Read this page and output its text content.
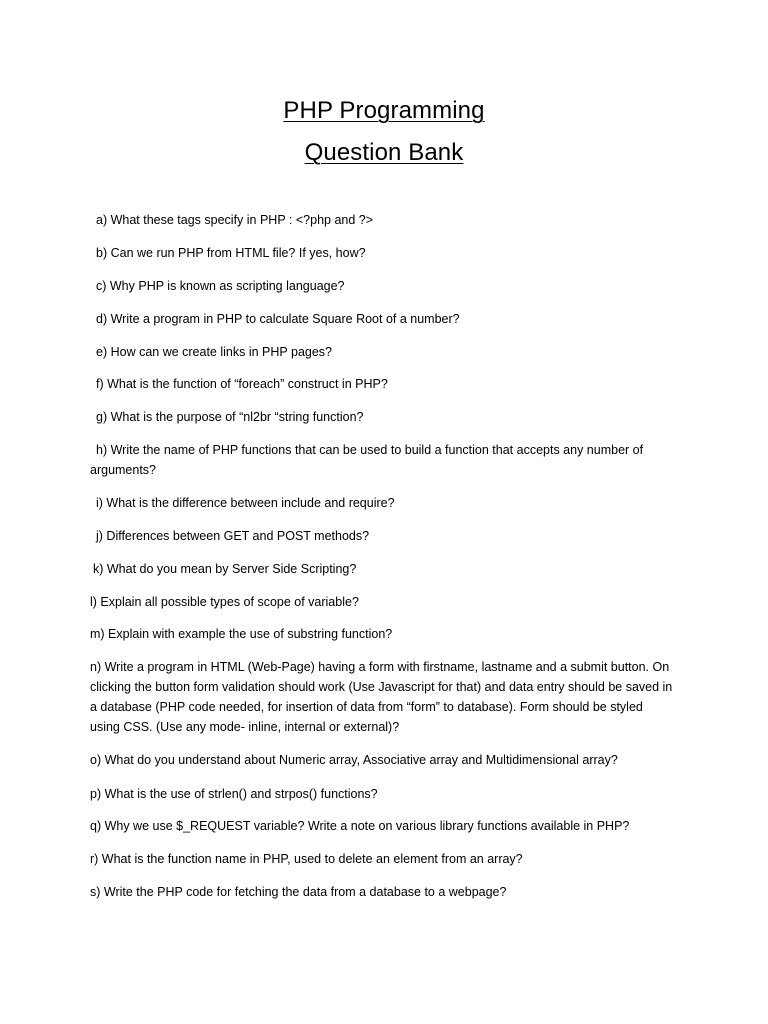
PHP Programming
Question Bank

a) What these tags specify in PHP : <?php and ?>

b) Can we run PHP from HTML file? If yes, how?

c) Why PHP is known as scripting language?

d) Write a program in PHP to calculate Square Root of a number?

e) How can we create links in PHP pages?

f) What is the function of “foreach” construct in PHP?

g) What is the purpose of “nl2br “string function?

h) Write the name of PHP functions that can be used to build a function that accepts any number of arguments?

i) What is the difference between include and require?

j) Differences between GET and POST methods?

k) What do you mean by Server Side Scripting?

l) Explain all possible types of scope of variable?

m) Explain with example the use of substring function?

n) Write a program in HTML (Web-Page) having a form with firstname, lastname and a submit button. On clicking the button form validation should work (Use Javascript for that) and data entry should be saved in a database (PHP code needed, for insertion of data from “form” to database). Form should be styled using CSS. (Use any mode- inline, internal or external)?

o) What do you understand about Numeric array, Associative array and Multidimensional array?

p) What is the use of strlen() and strpos() functions?

q) Why we use $_REQUEST variable? Write a note on various library functions available in PHP?

r) What is the function name in PHP, used to delete an element from an array?

s) Write the PHP code for fetching the data from a database to a webpage?
